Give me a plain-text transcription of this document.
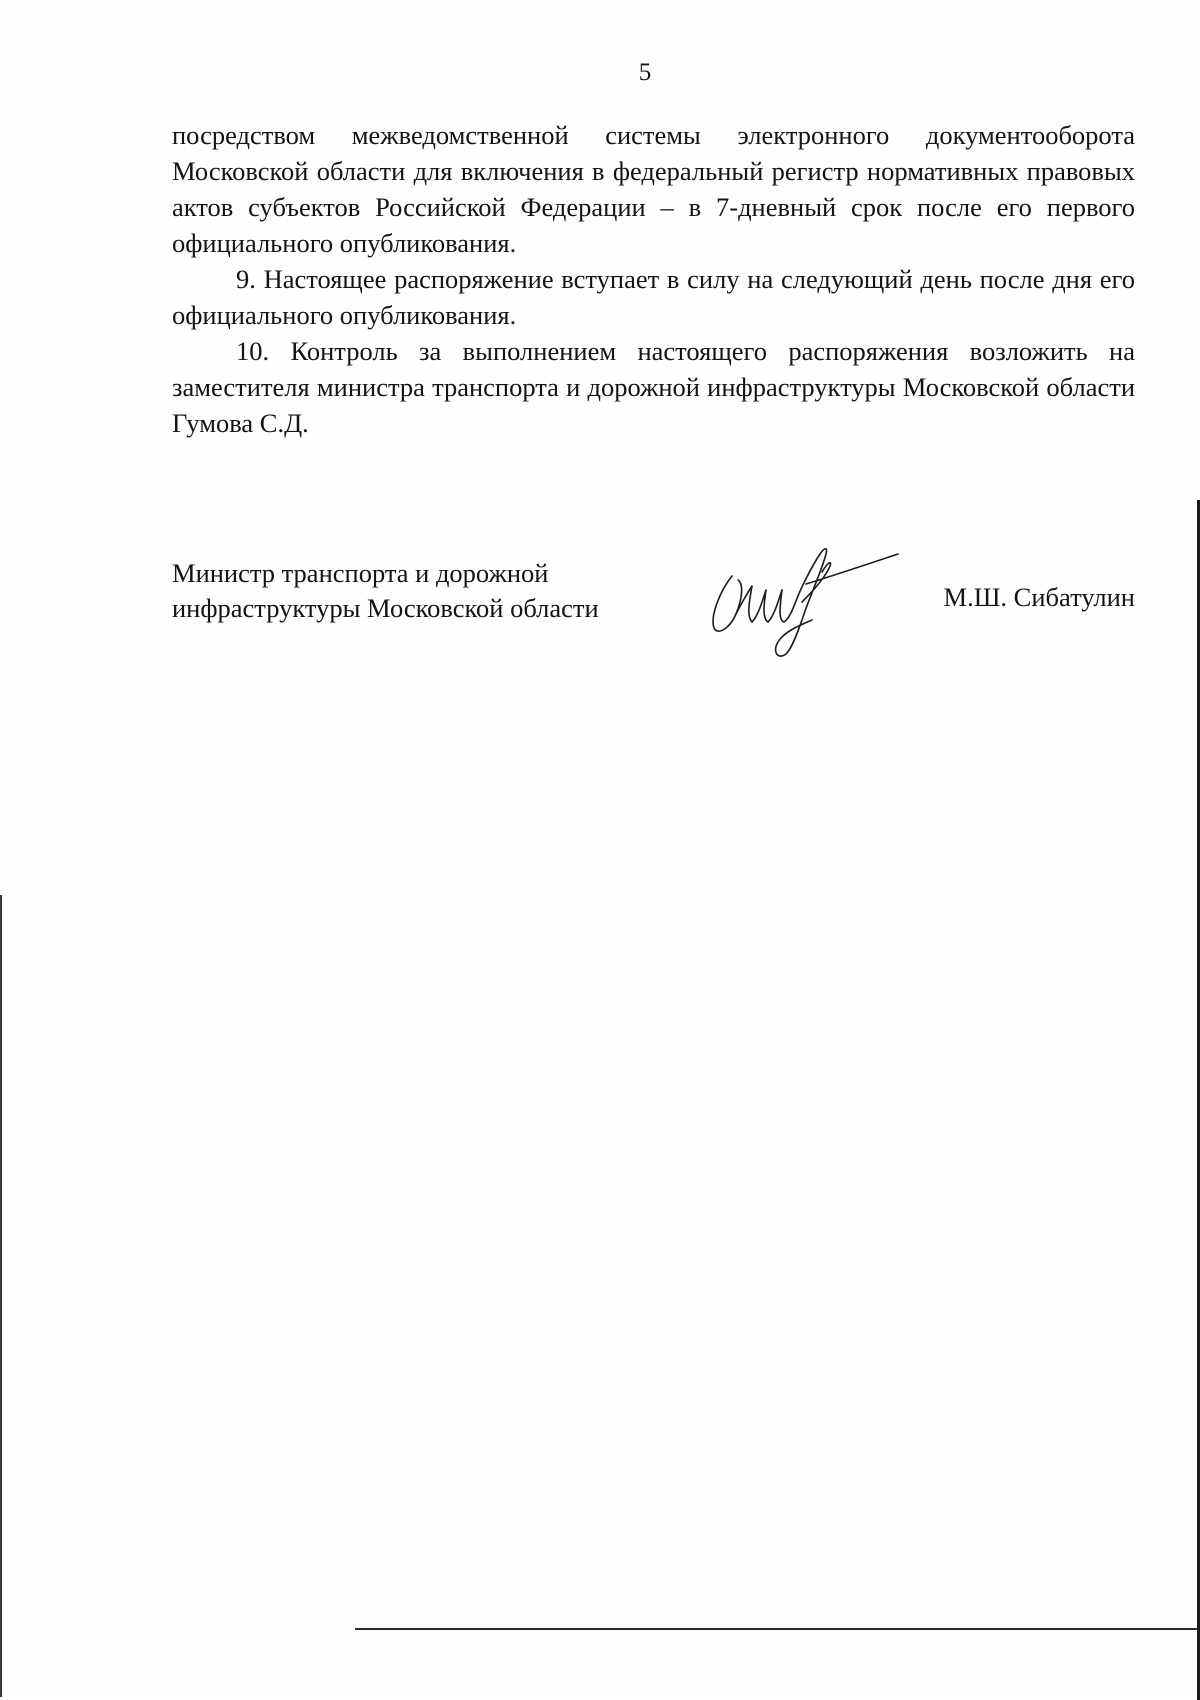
5

посредством межведомственной системы электронного документооборота Московской области для включения в федеральный регистр нормативных правовых актов субъектов Российской Федерации – в 7-дневный срок после его первого официального опубликования.

9. Настоящее распоряжение вступает в силу на следующий день после дня его официального опубликования.

10. Контроль за выполнением настоящего распоряжения возложить на заместителя министра транспорта и дорожной инфраструктуры Московской области Гумова С.Д.

Министр транспорта и дорожной
инфраструктуры Московской области	М.Ш. Сибатулин
